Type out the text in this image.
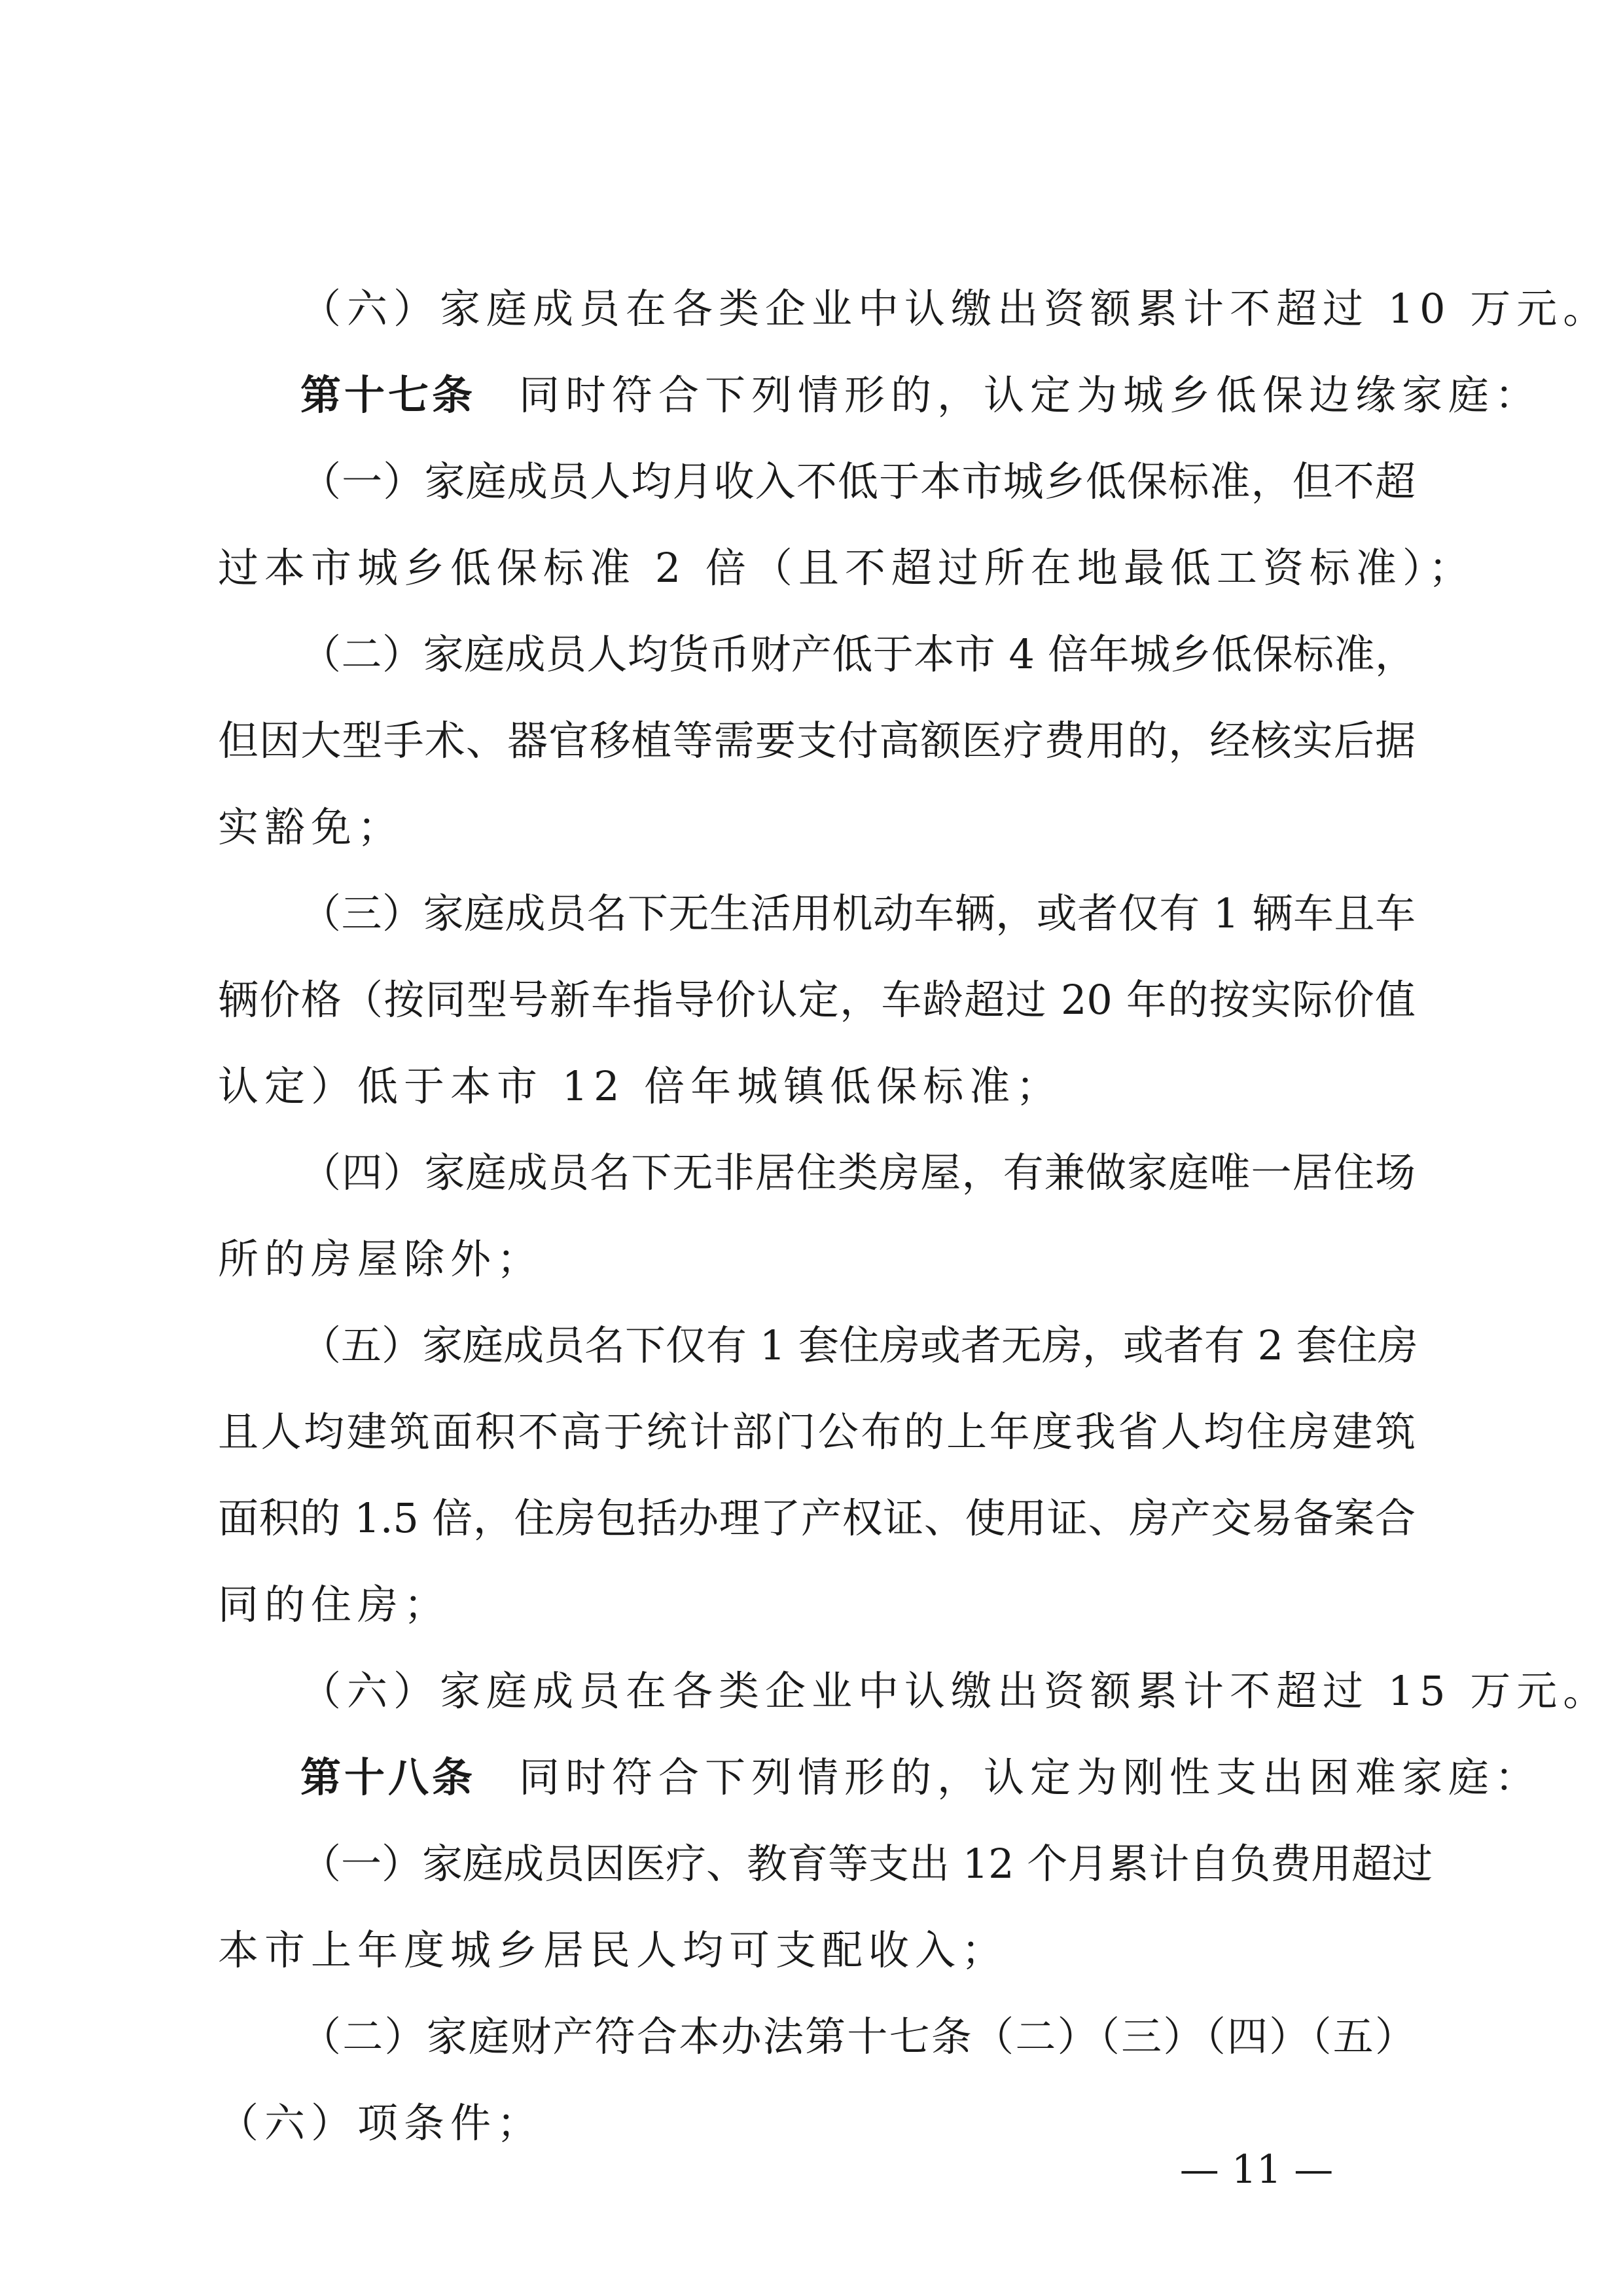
（六）家庭成员在各类企业中认缴出资额累计不超过 10 万元。
第十七条 同时符合下列情形的，认定为城乡低保边缘家庭：
（一）家庭成员人均月收入不低于本市城乡低保标准，但不超
过本市城乡低保标准 2 倍（且不超过所在地最低工资标准）；
（二）家庭成员人均货币财产低于本市 4 倍年城乡低保标准，
但因大型手术、器官移植等需要支付高额医疗费用的，经核实后据
实豁免；
（三）家庭成员名下无生活用机动车辆，或者仅有 1 辆车且车
辆价格（按同型号新车指导价认定，车龄超过 20 年的按实际价值
认定）低于本市 12 倍年城镇低保标准；
（四）家庭成员名下无非居住类房屋，有兼做家庭唯一居住场
所的房屋除外；
（五）家庭成员名下仅有 1 套住房或者无房，或者有 2 套住房
且人均建筑面积不高于统计部门公布的上年度我省人均住房建筑
面积的 1.5 倍，住房包括办理了产权证、使用证、房产交易备案合
同的住房；
（六）家庭成员在各类企业中认缴出资额累计不超过 15 万元。
第十八条 同时符合下列情形的，认定为刚性支出困难家庭：
（一）家庭成员因医疗、教育等支出 12 个月累计自负费用超过
本市上年度城乡居民人均可支配收入；
（二）家庭财产符合本办法第十七条（二）（三）（四）（五）
（六）项条件；
— 11 —
